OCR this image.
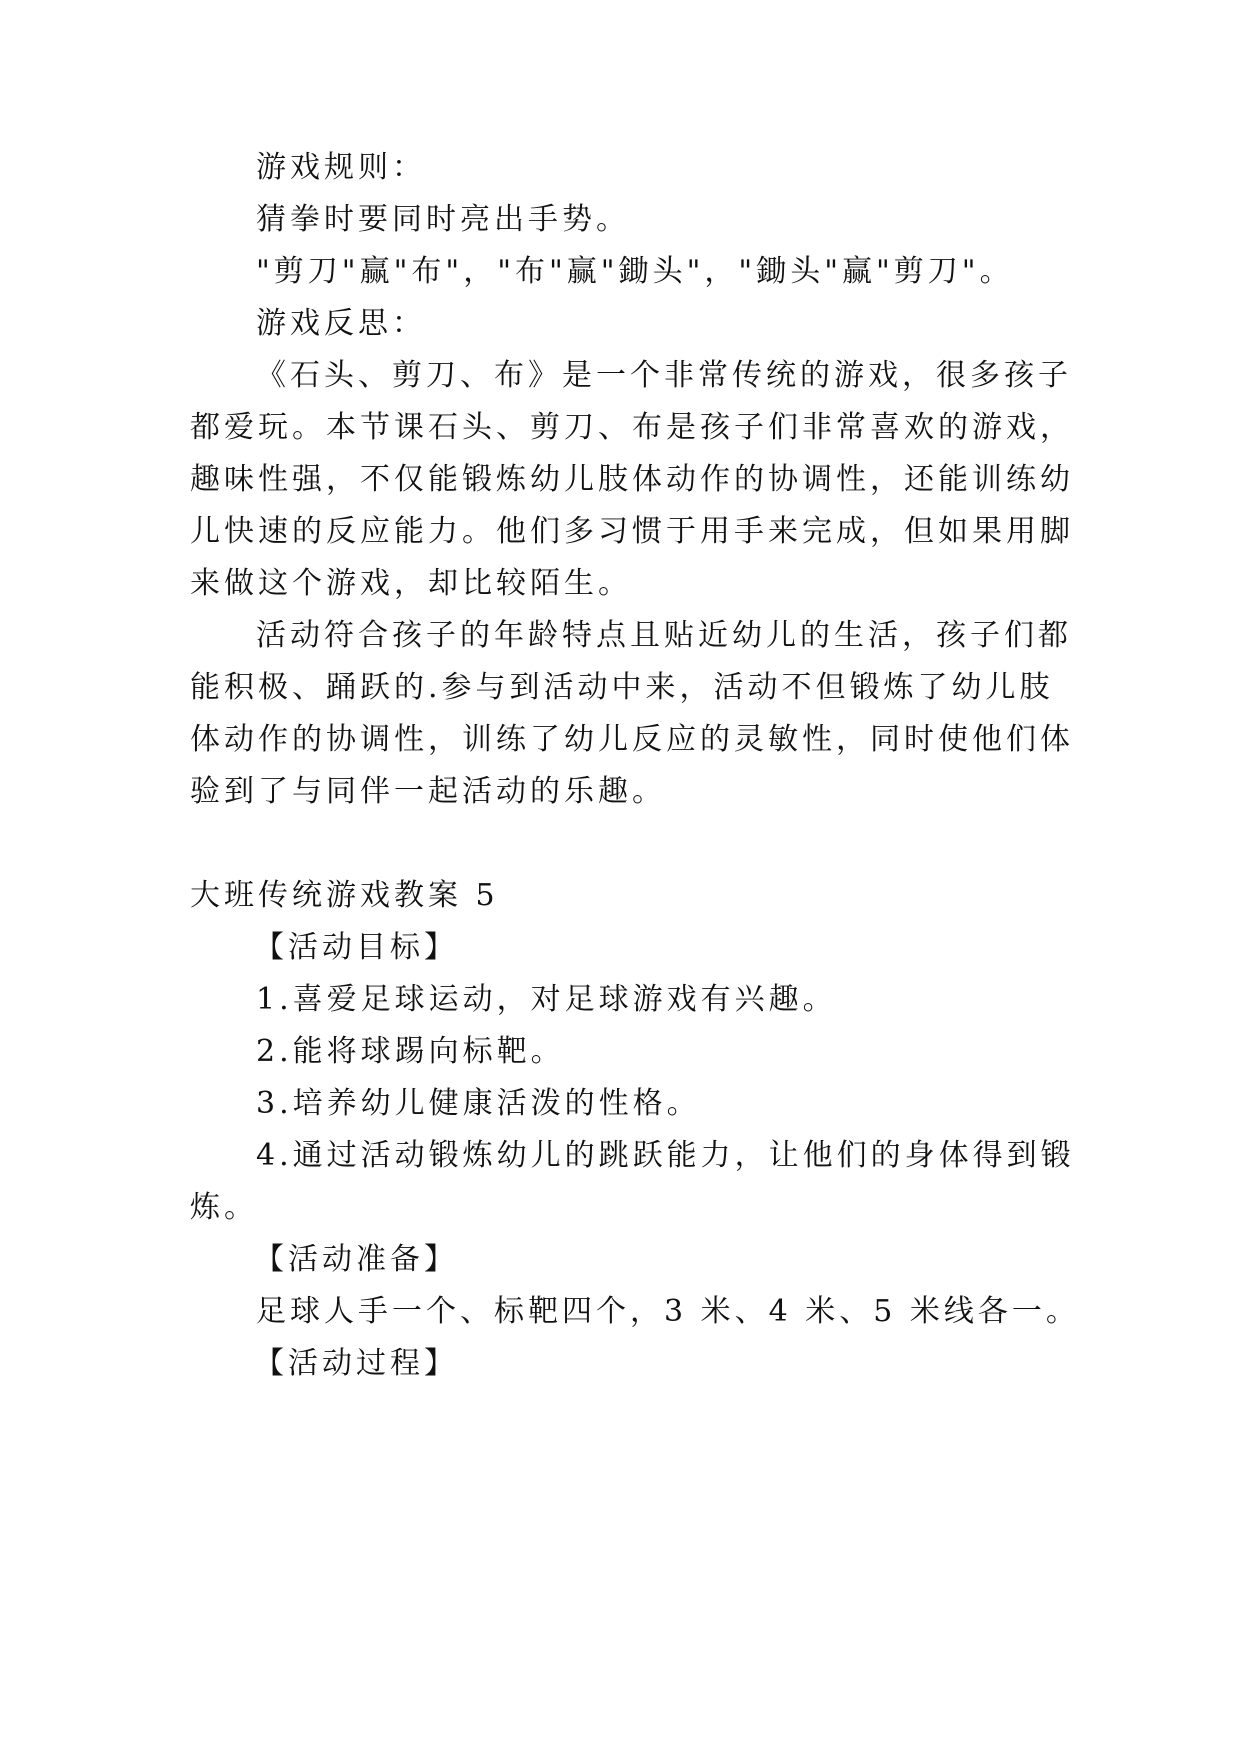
游戏规则：
猜拳时要同时亮出手势。
"剪刀"赢"布"，"布"赢"鋤头"，"鋤头"赢"剪刀"。
游戏反思：
《石头、剪刀、布》是一个非常传统的游戏，很多孩子
都爱玩。本节课石头、剪刀、布是孩子们非常喜欢的游戏，
趣味性强，不仅能锻炼幼儿肢体动作的协调性，还能训练幼
儿快速的反应能力。他们多习惯于用手来完成，但如果用脚
来做这个游戏，却比较陌生。
活动符合孩子的年龄特点且贴近幼儿的生活，孩子们都
能积极、踊跃的.参与到活动中来，活动不但锻炼了幼儿肢
体动作的协调性，训练了幼儿反应的灵敏性，同时使他们体
验到了与同伴一起活动的乐趣。
大班传统游戏教案 5
【活动目标】
1.喜爱足球运动，对足球游戏有兴趣。
2.能将球踢向标靶。
3.培养幼儿健康活泼的性格。
4.通过活动锻炼幼儿的跳跃能力，让他们的身体得到锻
炼。
【活动准备】
足球人手一个、标靶四个，3 米、4 米、5 米线各一。
【活动过程】
